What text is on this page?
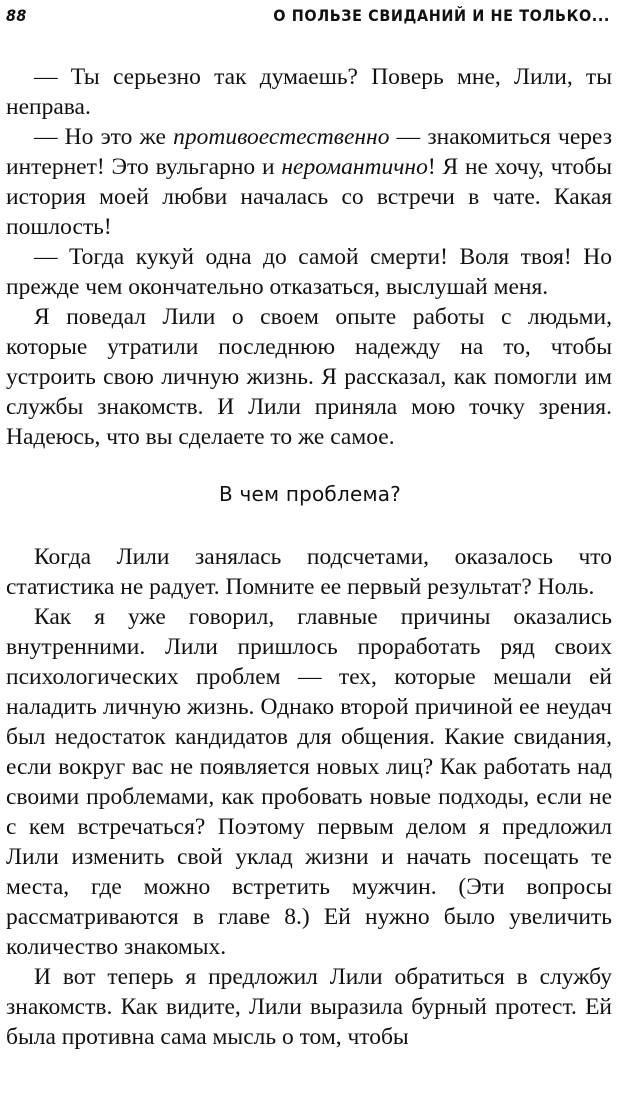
88	О ПОЛЬЗЕ СВИДАНИЙ И НЕ ТОЛЬКО...

— Ты серьезно так думаешь? Поверь мне, Лили, ты неправа.

— Но это же противоестественно — знакомиться через интернет! Это вульгарно и неромантично! Я не хочу, чтобы история моей любви началась со встречи в чате. Какая пошлость!

— Тогда кукуй одна до самой смерти! Воля твоя! Но прежде чем окончательно отказаться, выслушай меня.

Я поведал Лили о своем опыте работы с людьми, которые утратили последнюю надежду на то, чтобы устроить свою личную жизнь. Я рассказал, как помогли им службы знакомств. И Лили приняла мою точку зрения. Надеюсь, что вы сделаете то же самое.

В чем проблема?

Когда Лили занялась подсчетами, оказалось что статистика не радует. Помните ее первый результат? Ноль.

Как я уже говорил, главные причины оказались внутренними. Лили пришлось проработать ряд своих психологических проблем — тех, которые мешали ей наладить личную жизнь. Однако второй причиной ее неудач был недостаток кандидатов для общения. Какие свидания, если вокруг вас не появляется новых лиц? Как работать над своими проблемами, как пробовать новые подходы, если не с кем встречаться? Поэтому первым делом я предложил Лили изменить свой уклад жизни и начать посещать те места, где можно встретить мужчин. (Эти вопросы рассматриваются в главе 8.) Ей нужно было увеличить количество знакомых.

И вот теперь я предложил Лили обратиться в службу знакомств. Как видите, Лили выразила бурный протест. Ей была противна сама мысль о том, чтобы
